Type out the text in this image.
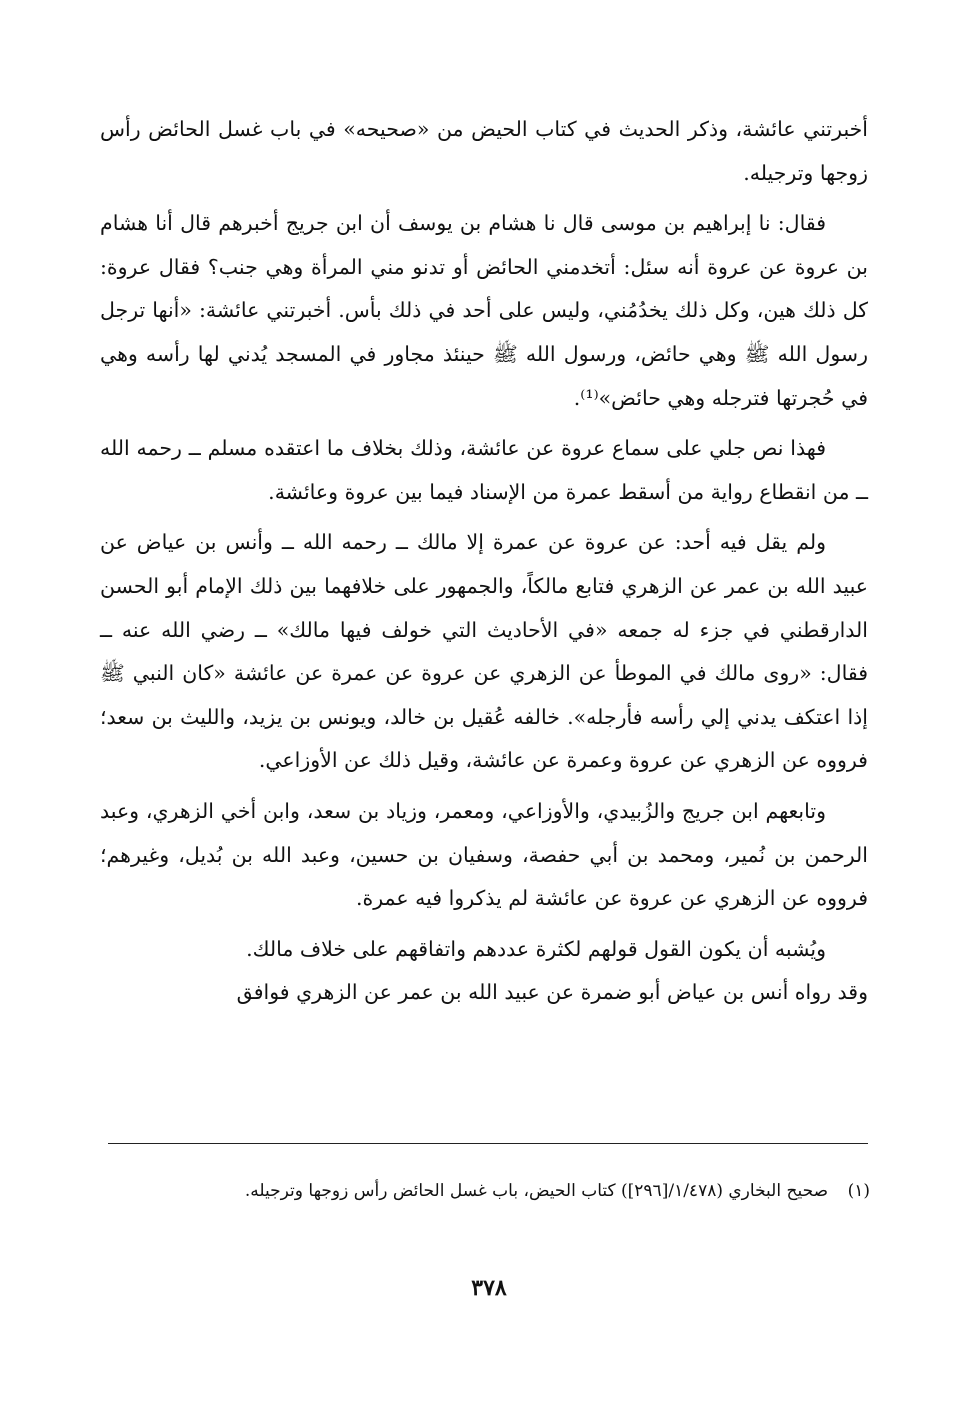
أخبرتني عائشة، وذكر الحديث في كتاب الحيض من «صحيحه» في باب غسل الحائض رأس زوجها وترجيله.

فقال: نا إبراهيم بن موسى قال نا هشام بن يوسف أن ابن جريج أخبرهم قال أنا هشام بن عروة عن عروة أنه سئل: أتخدمني الحائض أو تدنو مني المرأة وهي جنب؟ فقال عروة: كل ذلك هين، وكل ذلك يخدُمُني، وليس على أحد في ذلك بأس. أخبرتني عائشة: «أنها ترجل رسول الله ﷺ وهي حائض، ورسول الله ﷺ حينئذ مجاور في المسجد يُدني لها رأسه وهي في حُجرتها فترجله وهي حائض»⁽¹⁾.

فهذا نص جلي على سماع عروة عن عائشة، وذلك بخلاف ما اعتقده مسلم ــ رحمه الله ــ من انقطاع رواية من أسقط عمرة من الإسناد فيما بين عروة وعائشة.

ولم يقل فيه أحد: عن عروة عن عمرة إلا مالك ــ رحمه الله ــ وأنس بن عياض عن عبيد الله بن عمر عن الزهري فتابع مالكاً، والجمهور على خلافهما بين ذلك الإمام أبو الحسن الدارقطني في جزء له جمعه «في الأحاديث التي خولف فيها مالك» ــ رضي الله عنه ــ فقال: «روى مالك في الموطأ عن الزهري عن عروة عن عمرة عن عائشة «كان النبي ﷺ إذا اعتكف يدني إلي رأسه فأرجله». خالفه عُقيل بن خالد، ويونس بن يزيد، والليث بن سعد؛ فرووه عن الزهري عن عروة وعمرة عن عائشة، وقيل ذلك عن الأوزاعي.

وتابعهم ابن جريج والزُبيدي، والأوزاعي، ومعمر، وزياد بن سعد، وابن أخي الزهري، وعبد الرحمن بن نُمير، ومحمد بن أبي حفصة، وسفيان بن حسين، وعبد الله بن بُديل، وغيرهم؛ فرووه عن الزهري عن عروة عن عائشة لم يذكروا فيه عمرة.

ويُشبه أن يكون القول قولهم لكثرة عددهم واتفاقهم على خلاف مالك.

وقد رواه أنس بن عياض أبو ضمرة عن عبيد الله بن عمر عن الزهري فوافق

(١)
صحيح البخاري (١/٤٧٨/[٢٩٦]) كتاب الحيض، باب غسل الحائض رأس زوجها وترجيله.
٣٧٨
